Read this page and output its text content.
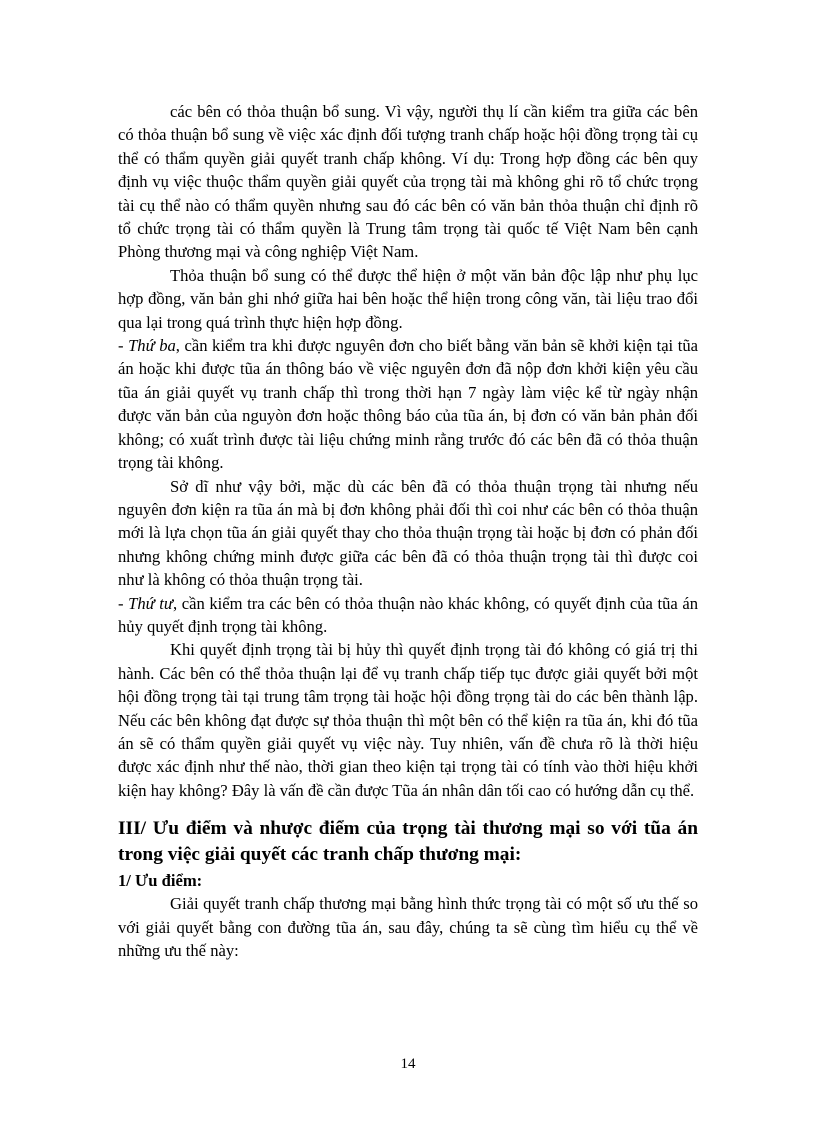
các bên có thỏa thuận bổ sung. Vì vậy, người thụ lí cần kiểm tra giữa các bên có thỏa thuận bổ sung về việc xác định đối tượng tranh chấp hoặc hội đồng trọng tài cụ thể có thẩm quyền giải quyết tranh chấp không. Ví dụ: Trong hợp đồng các bên quy định vụ việc thuộc thẩm quyền giải quyết của trọng tài mà không ghi rõ tổ chức trọng tài cụ thể nào có thẩm quyền nhưng sau đó các bên có văn bản thỏa thuận chỉ định rõ tổ chức trọng tài có thẩm quyền là Trung tâm trọng tài quốc tế Việt Nam bên cạnh Phòng thương mại và công nghiệp Việt Nam.

Thỏa thuận bổ sung có thể được thể hiện ở một văn bản độc lập như phụ lục hợp đồng, văn bản ghi nhớ giữa hai bên hoặc thể hiện trong công văn, tài liệu trao đổi qua lại trong quá trình thực hiện hợp đồng.

- Thứ ba, cần kiểm tra khi được nguyên đơn cho biết bằng văn bản sẽ khởi kiện tại tũa án hoặc khi được tũa án thông báo về việc nguyên đơn đã nộp đơn khởi kiện yêu cầu tũa án giải quyết vụ tranh chấp thì trong thời hạn 7 ngày làm việc kể từ ngày nhận được văn bản của nguyòn đơn hoặc thông báo của tũa án, bị đơn có văn bản phản đối không; có xuất trình được tài liệu chứng minh rằng trước đó các bên đã có thỏa thuận trọng tài không.

Sở dĩ như vậy bởi, mặc dù các bên đã có thỏa thuận trọng tài nhưng nếu nguyên đơn kiện ra tũa án mà bị đơn không phải đối thì coi như các bên có thỏa thuận mới là lựa chọn tũa án giải quyết thay cho thỏa thuận trọng tài hoặc bị đơn có phản đối nhưng không chứng minh được giữa các bên đã có thỏa thuận trọng tài thì được coi như là không có thỏa thuận trọng tài.

- Thứ tư, cần kiểm tra các bên có thỏa thuận nào khác không, có quyết định của tũa án hủy quyết định trọng tài không.

Khi quyết định trọng tài bị hủy thì quyết định trọng tài đó không có giá trị thi hành. Các bên có thể thỏa thuận lại để vụ tranh chấp tiếp tục được giải quyết bởi một hội đồng trọng tài tại trung tâm trọng tài hoặc hội đồng trọng tài do các bên thành lập. Nếu các bên không đạt được sự thỏa thuận thì một bên có thể kiện ra tũa án, khi đó tũa án sẽ có thẩm quyền giải quyết vụ việc này. Tuy nhiên, vấn đề chưa rõ là thời hiệu được xác định như thế nào, thời gian theo kiện tại trọng tài có tính vào thời hiệu khởi kiện hay không? Đây là vấn đề cần được Tũa án nhân dân tối cao có hướng dẫn cụ thể.

III/ Ưu điểm và nhược điểm của trọng tài thương mại so với tũa án trong việc giải quyết các tranh chấp thương mại:
1/ Ưu điểm:

Giải quyết tranh chấp thương mại bằng hình thức trọng tài có một số ưu thế so với giải quyết bằng con đường tũa án, sau đây, chúng ta sẽ cùng tìm hiểu cụ thể về những ưu thế này:

14
